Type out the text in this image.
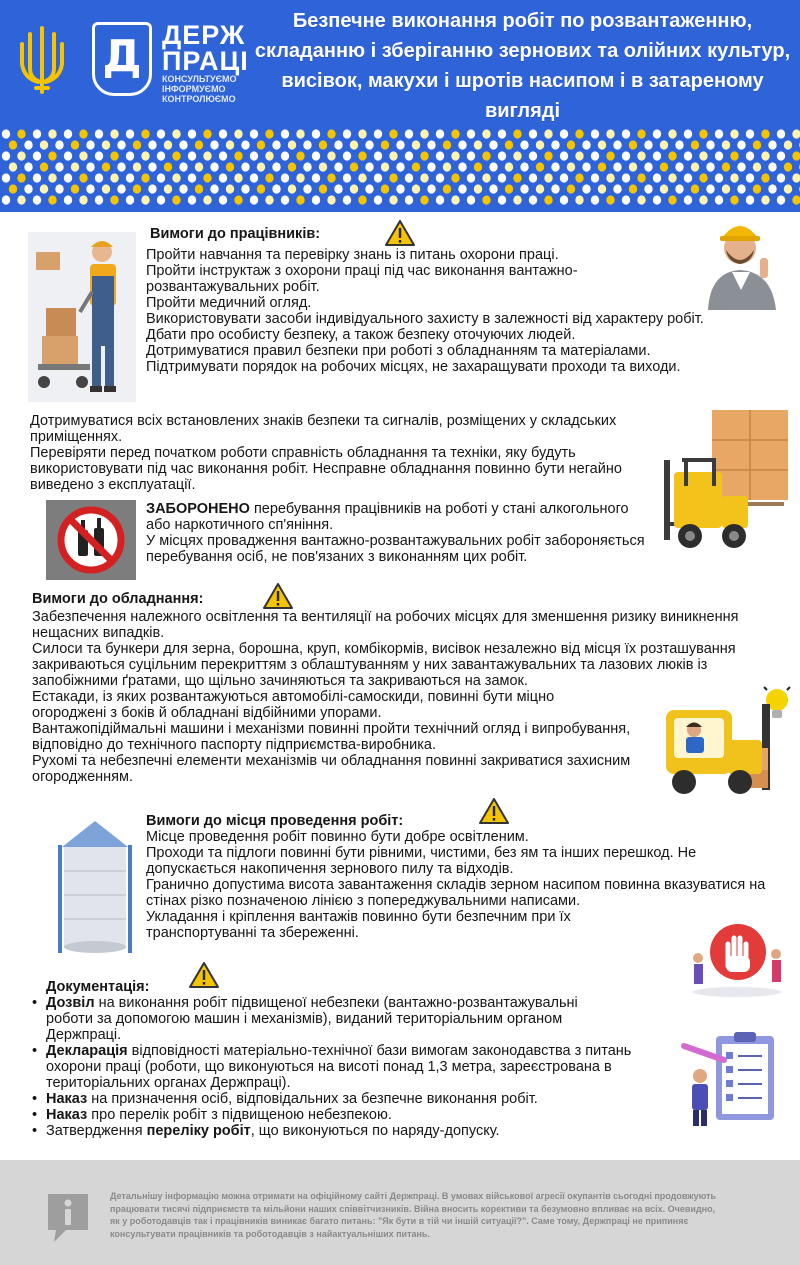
Д ДЕРЖ
ПРАЦІ
КОНСУЛЬТУЄМО
ІНФОРМУЄМО
КОНТРОЛЮЄМО
Безпечне виконання робіт по розвантаженню, складанню і зберіганню зернових та олійних культур, висівок, макухи і шротів насипом і в затареному вигляді
Вимоги до працівників:

Пройти навчання та перевірку знань із питань охорони праці.

Пройти інструктаж з охорони праці під час виконання вантажно-розвантажувальних робіт.

Пройти медичний огляд.

Використовувати засоби індивідуального захисту в залежності від характеру робіт.

Дбати про особисту безпеку, а також безпеку оточуючих людей.

Дотримуватися правил безпеки при роботі з обладнанням та матеріалами.

Підтримувати порядок на робочих місцях, не захаращувати проходи та виходи.

Дотримуватися всіх встановлених знаків безпеки та сигналів, розміщених у складських приміщеннях.

Перевіряти перед початком роботи справність обладнання та техніки, яку будуть використовувати під час виконання робіт. Несправне обладнання повинно бути негайно виведено з експлуатації.

ЗАБОРОНЕНО перебування працівників на роботі у стані алкогольного або наркотичного сп'яніння.

У місцях провадження вантажно-розвантажувальних робіт забороняється перебування осіб, не пов'язаних з виконанням цих робіт.

Вимоги до обладнання:

Забезпечення належного освітлення та вентиляції на робочих місцях для зменшення ризику виникнення нещасних випадків.

Силоси та бункери для зерна, борошна, круп, комбікормів, висівок незалежно від місця їх розташування закриваються суцільним перекриттям з облаштуванням у них завантажувальних та лазових люків із запобіжними ґратами, що щільно зачиняються та закриваються на замок.

Естакади, із яких розвантажуються автомобілі-самоскиди, повинні бути міцно огороджені з боків й обладнані відбійними упорами.

Вантажопідіймальні машини і механізми повинні пройти технічний огляд і випробування, відповідно до технічного паспорту підприємства-виробника.

Рухомі та небезпечні елементи механізмів чи обладнання повинні закриватися захисним огородженням.

Вимоги до місця проведення робіт:

Місце проведення робіт повинно бути добре освітленим.

Проходи та підлоги повинні бути рівними, чистими, без ям та інших перешкод. Не допускається накопичення зернового пилу та відходів.

Гранично допустима висота завантаження складів зерном насипом повинна вказуватися на стінах різко позначеною лінією з попереджувальними написами.

Укладання і кріплення вантажів повинно бути безпечним при їх транспортуванні та збереженні.

Документація:
• Дозвіл на виконання робіт підвищеної небезпеки (вантажно-розвантажувальні роботи за допомогою машин і механізмів), виданий територіальним органом Держпраці.
• Декларація відповідності матеріально-технічної бази вимогам законодавства з питань охорони праці (роботи, що виконуються на висоті понад 1,3 метра, зареєстрована в територіальних органах Держпраці).
• Наказ на призначення осіб, відповідальних за безпечне виконання робіт.
• Наказ про перелік робіт з підвищеною небезпекою.
• Затвердження переліку робіт, що виконуються по наряду-допуску.
Детальнішу інформацію можна отримати на офіційному сайті Держпраці. В умовах військової агресії окупантів сьогодні продовжують працювати тисячі підприємств та мільйони наших співвітчизників. Війна вносить корективи та безумовно впливає на всіх. Очевидно, як у роботодавців так і працівників виникає багато питань: "Як бути в тій чи іншій ситуації?". Саме тому, Держпраці не припиняє консультувати працівників та роботодавців з найактуальніших питань.
